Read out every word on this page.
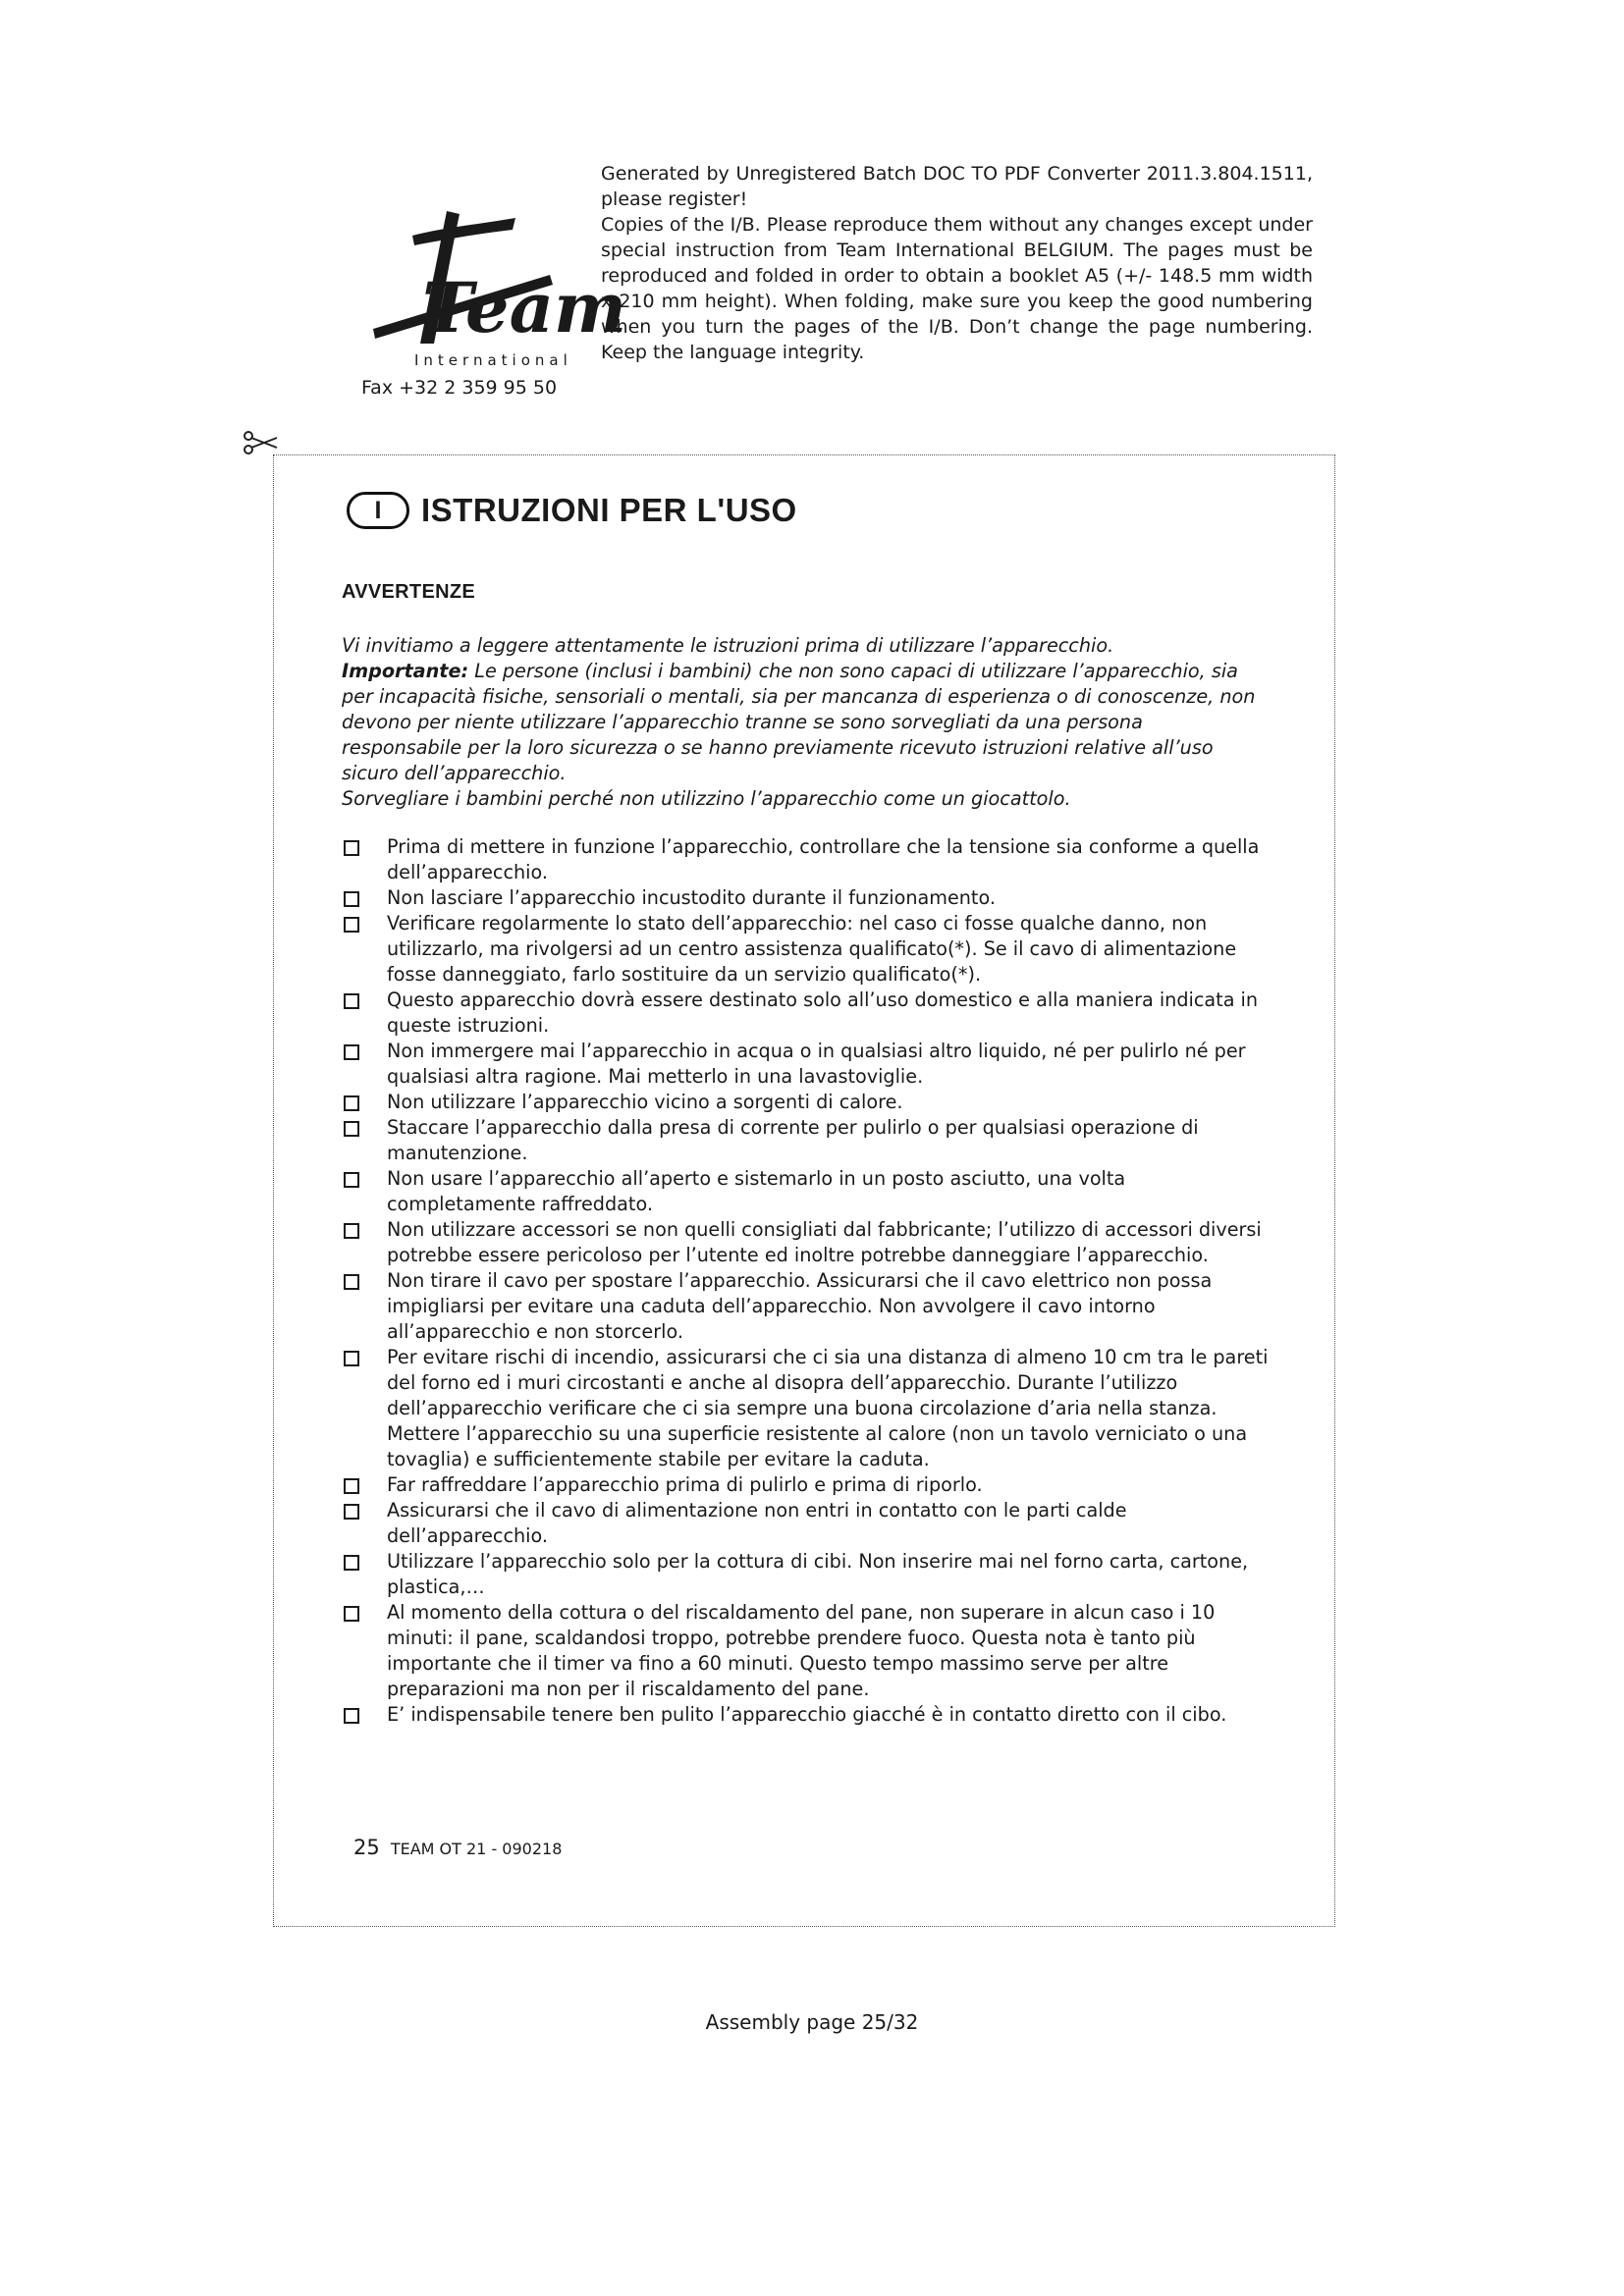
Team
International
Fax +32 2 359 95 50

Generated by Unregistered Batch DOC TO PDF Converter 2011.3.804.1511, please register!

Copies of the I/B. Please reproduce them without any changes except under special instruction from Team International BELGIUM. The pages must be reproduced and folded in order to obtain a booklet A5 (+/- 148.5 mm width x 210 mm height). When folding, make sure you keep the good numbering when you turn the pages of the I/B. Don’t change the page numbering. Keep the language integrity.

I	ISTRUZIONI PER L'USO
AVVERTENZE

Vi invitiamo a leggere attentamente le istruzioni prima di utilizzare l’apparecchio.

Importante: Le persone (inclusi i bambini) che non sono capaci di utilizzare l’apparecchio, sia per incapacità fisiche, sensoriali o mentali, sia per mancanza di esperienza o di conoscenze, non devono per niente utilizzare l’apparecchio tranne se sono sorvegliati da una persona responsabile per la loro sicurezza o se hanno previamente ricevuto istruzioni relative all’uso sicuro dell’apparecchio.

Sorvegliare i bambini perché non utilizzino l’apparecchio come un giocattolo.

Prima di mettere in funzione l’apparecchio, controllare che la tensione sia conforme a quella dell’apparecchio.
Non lasciare l’apparecchio incustodito durante il funzionamento.
Verificare regolarmente lo stato dell’apparecchio: nel caso ci fosse qualche danno, non utilizzarlo, ma rivolgersi ad un centro assistenza qualificato(*). Se il cavo di alimentazione fosse danneggiato, farlo sostituire da un servizio qualificato(*).
Questo apparecchio dovrà essere destinato solo all’uso domestico e alla maniera indicata in queste istruzioni.
Non immergere mai l’apparecchio in acqua o in qualsiasi altro liquido, né per pulirlo né per qualsiasi altra ragione. Mai metterlo in una lavastoviglie.
Non utilizzare l’apparecchio vicino a sorgenti di calore.
Staccare l’apparecchio dalla presa di corrente per pulirlo o per qualsiasi operazione di manutenzione.
Non usare l’apparecchio all’aperto e sistemarlo in un posto asciutto, una volta completamente raffreddato.
Non utilizzare accessori se non quelli consigliati dal fabbricante; l’utilizzo di accessori diversi potrebbe essere pericoloso per l’utente ed inoltre potrebbe danneggiare l’apparecchio.
Non tirare il cavo per spostare l’apparecchio. Assicurarsi che il cavo elettrico non possa impigliarsi per evitare una caduta dell’apparecchio. Non avvolgere il cavo intorno all’apparecchio e non storcerlo.
Per evitare rischi di incendio, assicurarsi che ci sia una distanza di almeno 10 cm tra le pareti del forno ed i muri circostanti e anche al disopra dell’apparecchio. Durante l’utilizzo dell’apparecchio verificare che ci sia sempre una buona circolazione d’aria nella stanza. Mettere l’apparecchio su una superficie resistente al calore (non un tavolo verniciato o una tovaglia) e sufficientemente stabile per evitare la caduta.
Far raffreddare l’apparecchio prima di pulirlo e prima di riporlo.
Assicurarsi che il cavo di alimentazione non entri in contatto con le parti calde dell’apparecchio.
Utilizzare l’apparecchio solo per la cottura di cibi. Non inserire mai nel forno carta, cartone, plastica,…
Al momento della cottura o del riscaldamento del pane, non superare in alcun caso i 10 minuti: il pane, scaldandosi troppo, potrebbe prendere fuoco. Questa nota è tanto più importante che il timer va fino a 60 minuti. Questo tempo massimo serve per altre preparazioni ma non per il riscaldamento del pane.
E’ indispensabile tenere ben pulito l’apparecchio giacché è in contatto diretto con il cibo.
25 TEAM OT 21 - 090218
Assembly page 25/32
